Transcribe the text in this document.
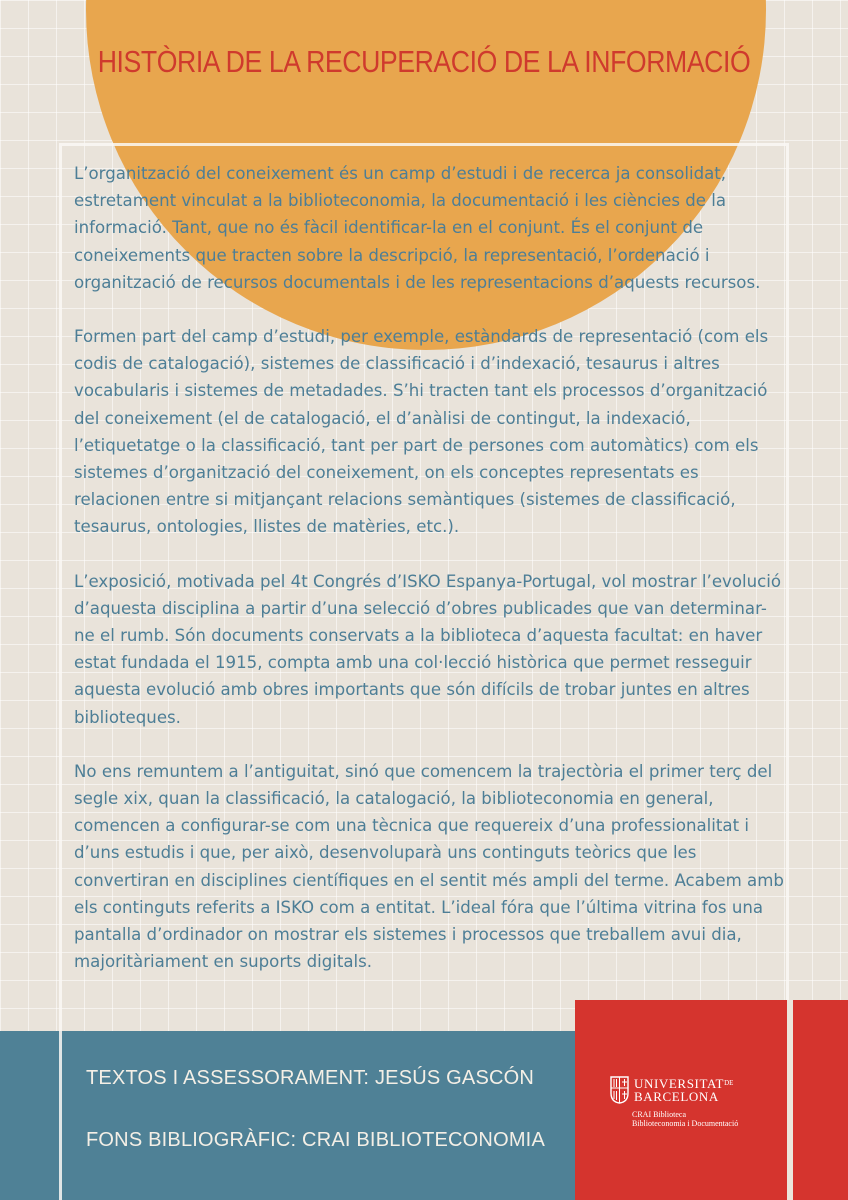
HISTÒRIA DE LA RECUPERACIÓ DE LA INFORMACIÓ

L’organització del coneixement és un camp d’estudi i de recerca ja consolidat, estretament vinculat a la biblioteconomia, la documentació i les ciències de la informació. Tant, que no és fàcil identificar-la en el conjunt. És el conjunt de coneixements que tracten sobre la descripció, la representació, l’ordenació i organització de recursos documentals i de les representacions d’aquests recursos.

Formen part del camp d’estudi, per exemple, estàndards de representació (com els codis de catalogació), sistemes de classificació i d’indexació, tesaurus i altres vocabularis i sistemes de metadades. S’hi tracten tant els processos d’organització del coneixement (el de catalogació, el d’anàlisi de contingut, la indexació, l’etiquetatge o la classificació, tant per part de persones com automàtics) com els sistemes d’organització del coneixement, on els conceptes representats es relacionen entre si mitjançant relacions semàntiques (sistemes de classificació, tesaurus, ontologies, llistes de matèries, etc.).

L’exposició, motivada pel 4t Congrés d’ISKO Espanya-Portugal, vol mostrar l’evolució d’aquesta disciplina a partir d’una selecció d’obres publicades que van determinar-ne el rumb. Són documents conservats a la biblioteca d’aquesta facultat: en haver estat fundada el 1915, compta amb una col·lecció històrica que permet resseguir aquesta evolució amb obres importants que són difícils de trobar juntes en altres biblioteques.

No ens remuntem a l’antiguitat, sinó que comencem la trajectòria el primer terç del segle xix, quan la classificació, la catalogació, la biblioteconomia en general, comencen a configurar-se com una tècnica que requereix d’una professionalitat i d’uns estudis i que, per això, desenvoluparà uns continguts teòrics que les convertiran en disciplines científiques en el sentit més ampli del terme. Acabem amb els continguts referits a ISKO com a entitat. L’ideal fóra que l’última vitrina fos una pantalla d’ordinador on mostrar els sistemes i processos que treballem avui dia, majoritàriament en suports digitals.

TEXTOS I ASSESSORAMENT: JESÚS GASCÓN
FONS BIBLIOGRÀFIC: CRAI BIBLIOTECONOMIA
$UNIVERSITAT^{DE}$
BARCELONA
CRAI Biblioteca
Biblioteconomia i Documentació
